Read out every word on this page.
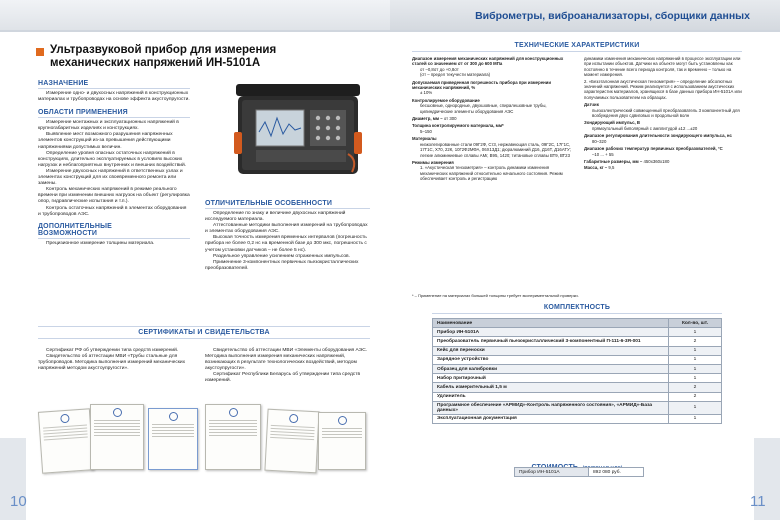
Виброметры, виброанализаторы, сборщики данных
10	11
Ультразвуковой прибор для измерения
механических напряжений ИН-5101А
НАЗНАЧЕНИЕ
Измерение одно- и двухосных напряжений в конструкционных материалах и трубопроводах на основе эффекта акустоупругости.
ОБЛАСТИ ПРИМЕНЕНИЯ
Измерение монтажных и эксплуатационных напряжений в крупногабаритных изделиях и конструкциях.
Выявление мест возможного разрушения напряженных элементов конструкций из-за превышения действующими напряжениями допустимых величин.
Определение уровня опасных остаточных напряжений в конструкциях, длительно эксплуатируемых в условиях высоких нагрузок и неблагоприятных внутренних и внешних воздействий.
Измерение двухосных напряжений в ответственных узлах и элементах конструкций для их своевременного ремонта или замены.
Контроль механических напряжений в режиме реального времени при изменении внешних нагрузок на объект (регулировка опор, гидравлические испытания и т.п.).
Контроль остаточных напряжений в элементах оборудования и трубопроводов АЭС.
ДОПОЛНИТЕЛЬНЫЕ ВОЗМОЖНОСТИ
Прецизионное измерение толщины материала.
ОТЛИЧИТЕЛЬНЫЕ ОСОБЕННОСТИ
Определение по знаку и величине двухосных напряжений исследуемого материала.
Аттестованные методики выполнения измерений на трубопроводах и элементах оборудования АЭС.
Высокая точность измерения временных интервалов (погрешность прибора не более 0,2 нс на временной базе до 300 мкс, погрешность с учетом установки датчиков – не более 5 нс).
Раздельное управление усилением отраженных импульсов.
Применение 3-компонентных первичных пьезокристаллических преобразователей.
СЕРТИФИКАТЫ И СВИДЕТЕЛЬСТВА
Сертификат РФ об утверждении типа средств измерений.
Свидетельство об аттестации МВИ «Трубы стальные для трубопроводов. Методика выполнения измерений механических напряжений методом акустоупругости».
Свидетельство об аттестации МВИ «Элементы оборудования АЭС. Методика выполнения измерения механических напряжений, возникающих в результате технологических воздействий, методом акустоупругости».
Сертификат Республики Беларусь об утверждении типа средств измерений.
ТЕХНИЧЕСКИЕ ХАРАКТЕРИСТИКИ
Диапазон измерения механических напряжений для конструкционных сталей со значением σт от 300 до 600 МПа
от –0,8σт до +0,8σт
(σт – предел текучести материала)
Допускаемая приведенная погрешность прибора при измерении механических напряжений, %
± 10%
Контролируемое оборудование
бесшовные, однородные, двухшовные, спиралешовные трубы, цилиндрические элементы оборудования АЭС
Диаметр, мм – от 300
Толщина контролируемого материала, мм*
5–150
Материалы
низколегированные стали 09Г2Ф, Ст3, нержавеющая сталь, 09Г2С, 17Г1С, 17Г1С, Х70, 22К, 10Г2Ф2МФА, 06Х13Д1; дюралюминий Д16, Д16Т, Д16АТУ; легкие алюминиевые сплавы АМг, В95, 1420; титановые сплавы ВТ9, ВТ23
Режимы измерения
1. «Акустическая тензометрия» – контроль динамики изменения механических напряжений относительно начального состояния. Режим обеспечивает контроль и регистрацию
динамики изменения механических напряжений в процессе эксплуатации или при испытании объектов. Датчики на объекте могут быть установлены как постоянно в течение всего периода контроля, так и временно – только на момент измерения.
2. «Безэталонная акустическая тензометрия» – определение абсолютных значений напряжений. Режим реализуется с использованием акустических характеристик материалов, хранящихся в базе данных прибора ИН-5101А или получаемых пользователем на образцах.
Датчик
пьезоэлектрический совмещенный преобразователь 3 компонентный для возбуждения двух сдвиговых и продольной волн
Зондирующий импульс, В
прямоугольный биполярный с амплитудой ±12 ...±20
Диапазон регулирования длительности зондирующего импульса, нс
80–320
Диапазон рабочих температур первичных преобразователей, °С
–10 ... + 55
Габаритные размеры, мм – 450х360х180
Масса, кг – 9,5
* – Применение на материалах большей толщины требует экспериментальной проверки.
КОМПЛЕКТНОСТЬ
Наименование	Кол-во, шт.
Прибор ИН-5101А	1
Преобразователь первичный пьезокристаллический 3-компонентный П-111-6-3Я-001	2
Кейс для переноски	1
Зарядное устройство	1
Образец для калибровки	1
Набор притирочный	1
Кабель измерительный 1,5 м	2
Удлинитель	2
Программное обеспечение «АРМИД»-Контроль напряженного состояния», «АРМИД»-База данных»	1
Эксплуатационная документация	1
Прибор ИН-5101А	892 080 руб.
